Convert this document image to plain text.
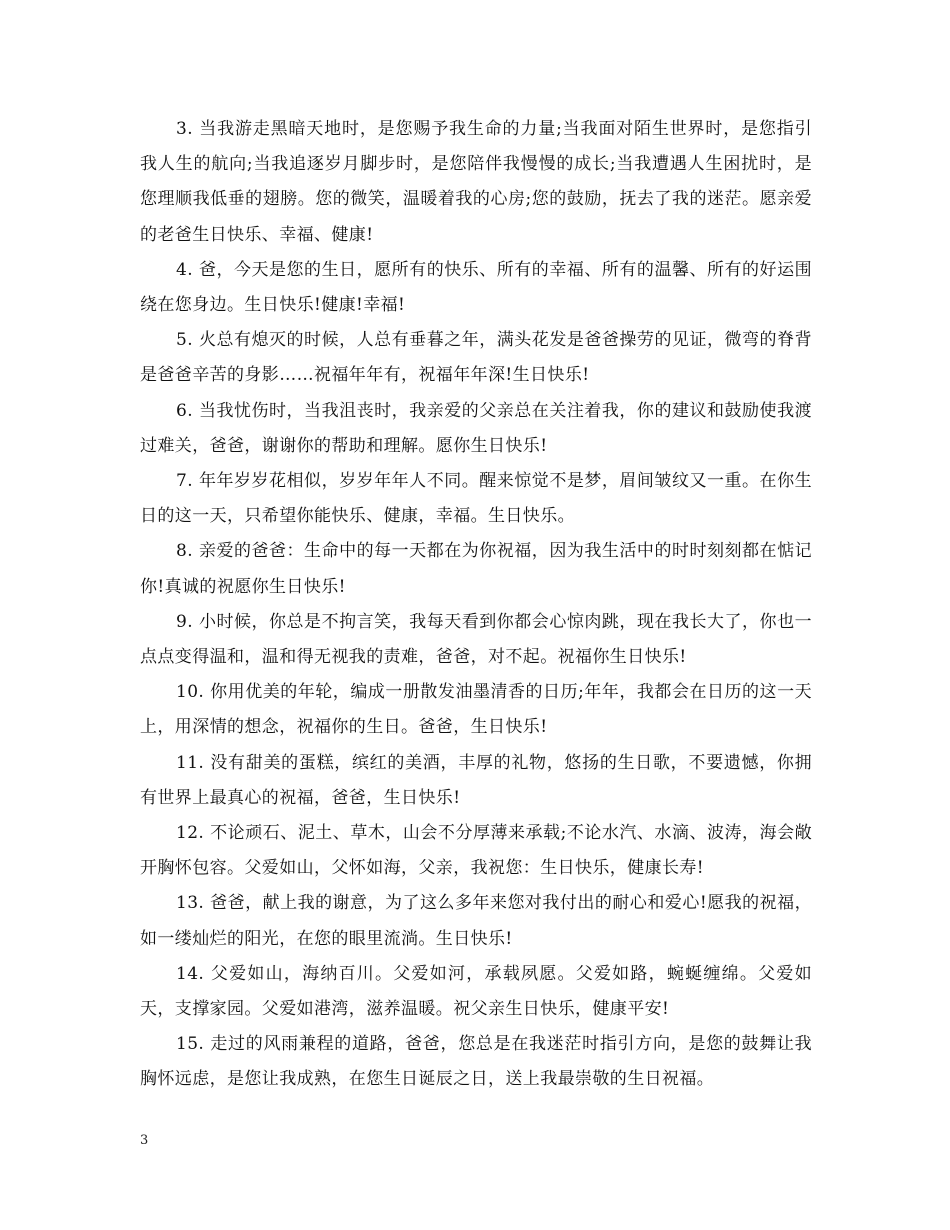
3. 当我游走黑暗天地时，是您赐予我生命的力量;当我面对陌生世界时，是您指引我人生的航向;当我追逐岁月脚步时，是您陪伴我慢慢的成长;当我遭遇人生困扰时，是您理顺我低垂的翅膀。您的微笑，温暖着我的心房;您的鼓励，抚去了我的迷茫。愿亲爱的老爸生日快乐、幸福、健康!

4. 爸，今天是您的生日，愿所有的快乐、所有的幸福、所有的温馨、所有的好运围绕在您身边。生日快乐!健康!幸福!

5. 火总有熄灭的时候，人总有垂暮之年，满头花发是爸爸操劳的见证，微弯的脊背是爸爸辛苦的身影……祝福年年有，祝福年年深!生日快乐!

6. 当我忧伤时，当我沮丧时，我亲爱的父亲总在关注着我，你的建议和鼓励使我渡过难关，爸爸，谢谢你的帮助和理解。愿你生日快乐!

7. 年年岁岁花相似，岁岁年年人不同。醒来惊觉不是梦，眉间皱纹又一重。在你生日的这一天，只希望你能快乐、健康，幸福。生日快乐。

8. 亲爱的爸爸：生命中的每一天都在为你祝福，因为我生活中的时时刻刻都在惦记你!真诚的祝愿你生日快乐!

9. 小时候，你总是不拘言笑，我每天看到你都会心惊肉跳，现在我长大了，你也一点点变得温和，温和得无视我的责难，爸爸，对不起。祝福你生日快乐!

10. 你用优美的年轮，编成一册散发油墨清香的日历;年年，我都会在日历的这一天上，用深情的想念，祝福你的生日。爸爸，生日快乐!

11. 没有甜美的蛋糕，缤红的美酒，丰厚的礼物，悠扬的生日歌，不要遗憾，你拥有世界上最真心的祝福，爸爸，生日快乐!

12. 不论顽石、泥土、草木，山会不分厚薄来承载;不论水汽、水滴、波涛，海会敞开胸怀包容。父爱如山，父怀如海，父亲，我祝您：生日快乐，健康长寿!

13. 爸爸，献上我的谢意，为了这么多年来您对我付出的耐心和爱心!愿我的祝福，如一缕灿烂的阳光，在您的眼里流淌。生日快乐!

14. 父爱如山，海纳百川。父爱如河，承载夙愿。父爱如路，蜿蜒缠绵。父爱如天，支撑家园。父爱如港湾，滋养温暖。祝父亲生日快乐，健康平安!

15. 走过的风雨兼程的道路，爸爸，您总是在我迷茫时指引方向，是您的鼓舞让我胸怀远虑，是您让我成熟，在您生日诞辰之日，送上我最崇敬的生日祝福。

3
